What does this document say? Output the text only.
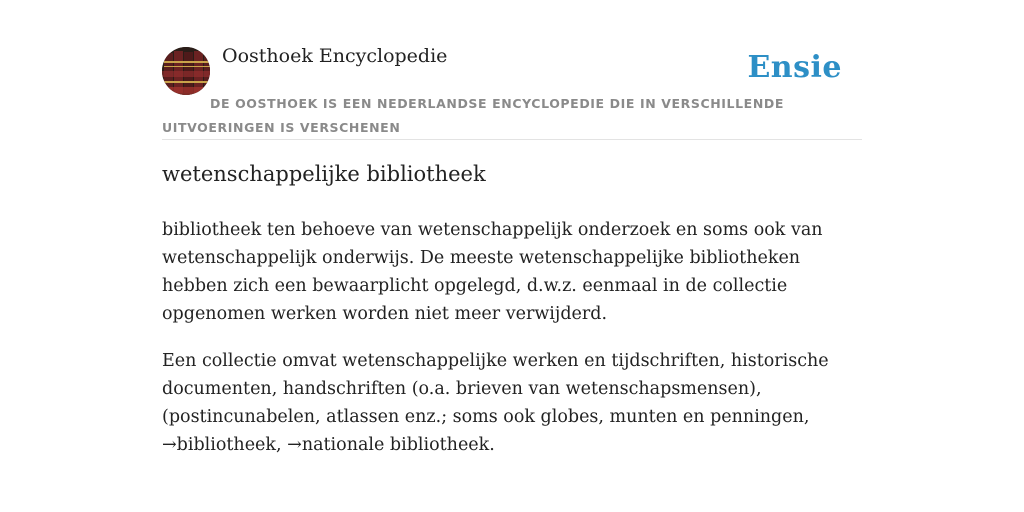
Oosthoek Encyclopedie	Ensie
DE OOSTHOEK IS EEN NEDERLANDSE ENCYCLOPEDIE DIE IN VERSCHILLENDE UITVOERINGEN IS VERSCHENEN
wetenschappelijke bibliotheek

bibliotheek ten behoeve van wetenschappelijk onderzoek en soms ook van wetenschappelijk onderwijs. De meeste wetenschappelijke bibliotheken hebben zich een bewaarplicht opgelegd, d.w.z. eenmaal in de collectie opgenomen werken worden niet meer verwijderd.

Een collectie omvat wetenschappelijke werken en tijdschriften, historische documenten, handschriften (o.a. brieven van wetenschapsmensen), (postincunabelen, atlassen enz.; soms ook globes, munten en penningen, →bibliotheek, →nationale bibliotheek.
